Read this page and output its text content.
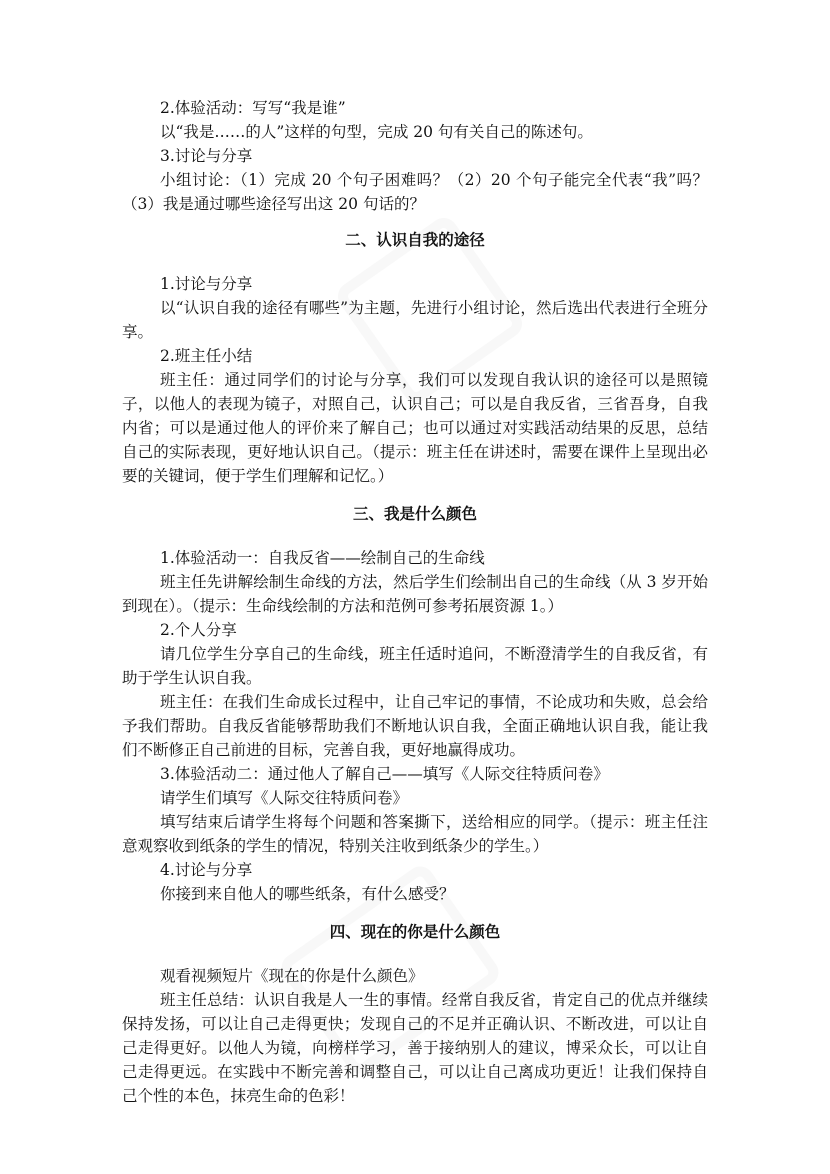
2.体验活动：写写“我是谁”

以“我是……的人”这样的句型，完成 20 句有关自己的陈述句。

3.讨论与分享

小组讨论：（1）完成 20 个句子困难吗？（2）20 个句子能完全代表“我”吗？（3）我是通过哪些途径写出这 20 句话的？

二、认识自我的途径

1.讨论与分享

以“认识自我的途径有哪些”为主题，先进行小组讨论，然后选出代表进行全班分享。

2.班主任小结

班主任：通过同学们的讨论与分享，我们可以发现自我认识的途径可以是照镜子，以他人的表现为镜子，对照自己，认识自己；可以是自我反省，三省吾身，自我内省；可以是通过他人的评价来了解自己；也可以通过对实践活动结果的反思，总结自己的实际表现，更好地认识自己。（提示：班主任在讲述时，需要在课件上呈现出必要的关键词，便于学生们理解和记忆。）

三、我是什么颜色

1.体验活动一：自我反省——绘制自己的生命线

班主任先讲解绘制生命线的方法，然后学生们绘制出自己的生命线（从 3 岁开始到现在）。（提示：生命线绘制的方法和范例可参考拓展资源 1。）

2.个人分享

请几位学生分享自己的生命线，班主任适时追问，不断澄清学生的自我反省，有助于学生认识自我。

班主任：在我们生命成长过程中，让自己牢记的事情，不论成功和失败，总会给予我们帮助。自我反省能够帮助我们不断地认识自我，全面正确地认识自我，能让我们不断修正自己前进的目标，完善自我，更好地赢得成功。

3.体验活动二：通过他人了解自己——填写《人际交往特质问卷》

请学生们填写《人际交往特质问卷》

填写结束后请学生将每个问题和答案撕下，送给相应的同学。（提示：班主任注意观察收到纸条的学生的情况，特别关注收到纸条少的学生。）

4.讨论与分享

你接到来自他人的哪些纸条，有什么感受？

四、现在的你是什么颜色

观看视频短片《现在的你是什么颜色》

班主任总结：认识自我是人一生的事情。经常自我反省，肯定自己的优点并继续保持发扬，可以让自己走得更快；发现自己的不足并正确认识、不断改进，可以让自己走得更好。以他人为镜，向榜样学习，善于接纳别人的建议，博采众长，可以让自己走得更远。在实践中不断完善和调整自己，可以让自己离成功更近！让我们保持自己个性的本色，抹亮生命的色彩！
